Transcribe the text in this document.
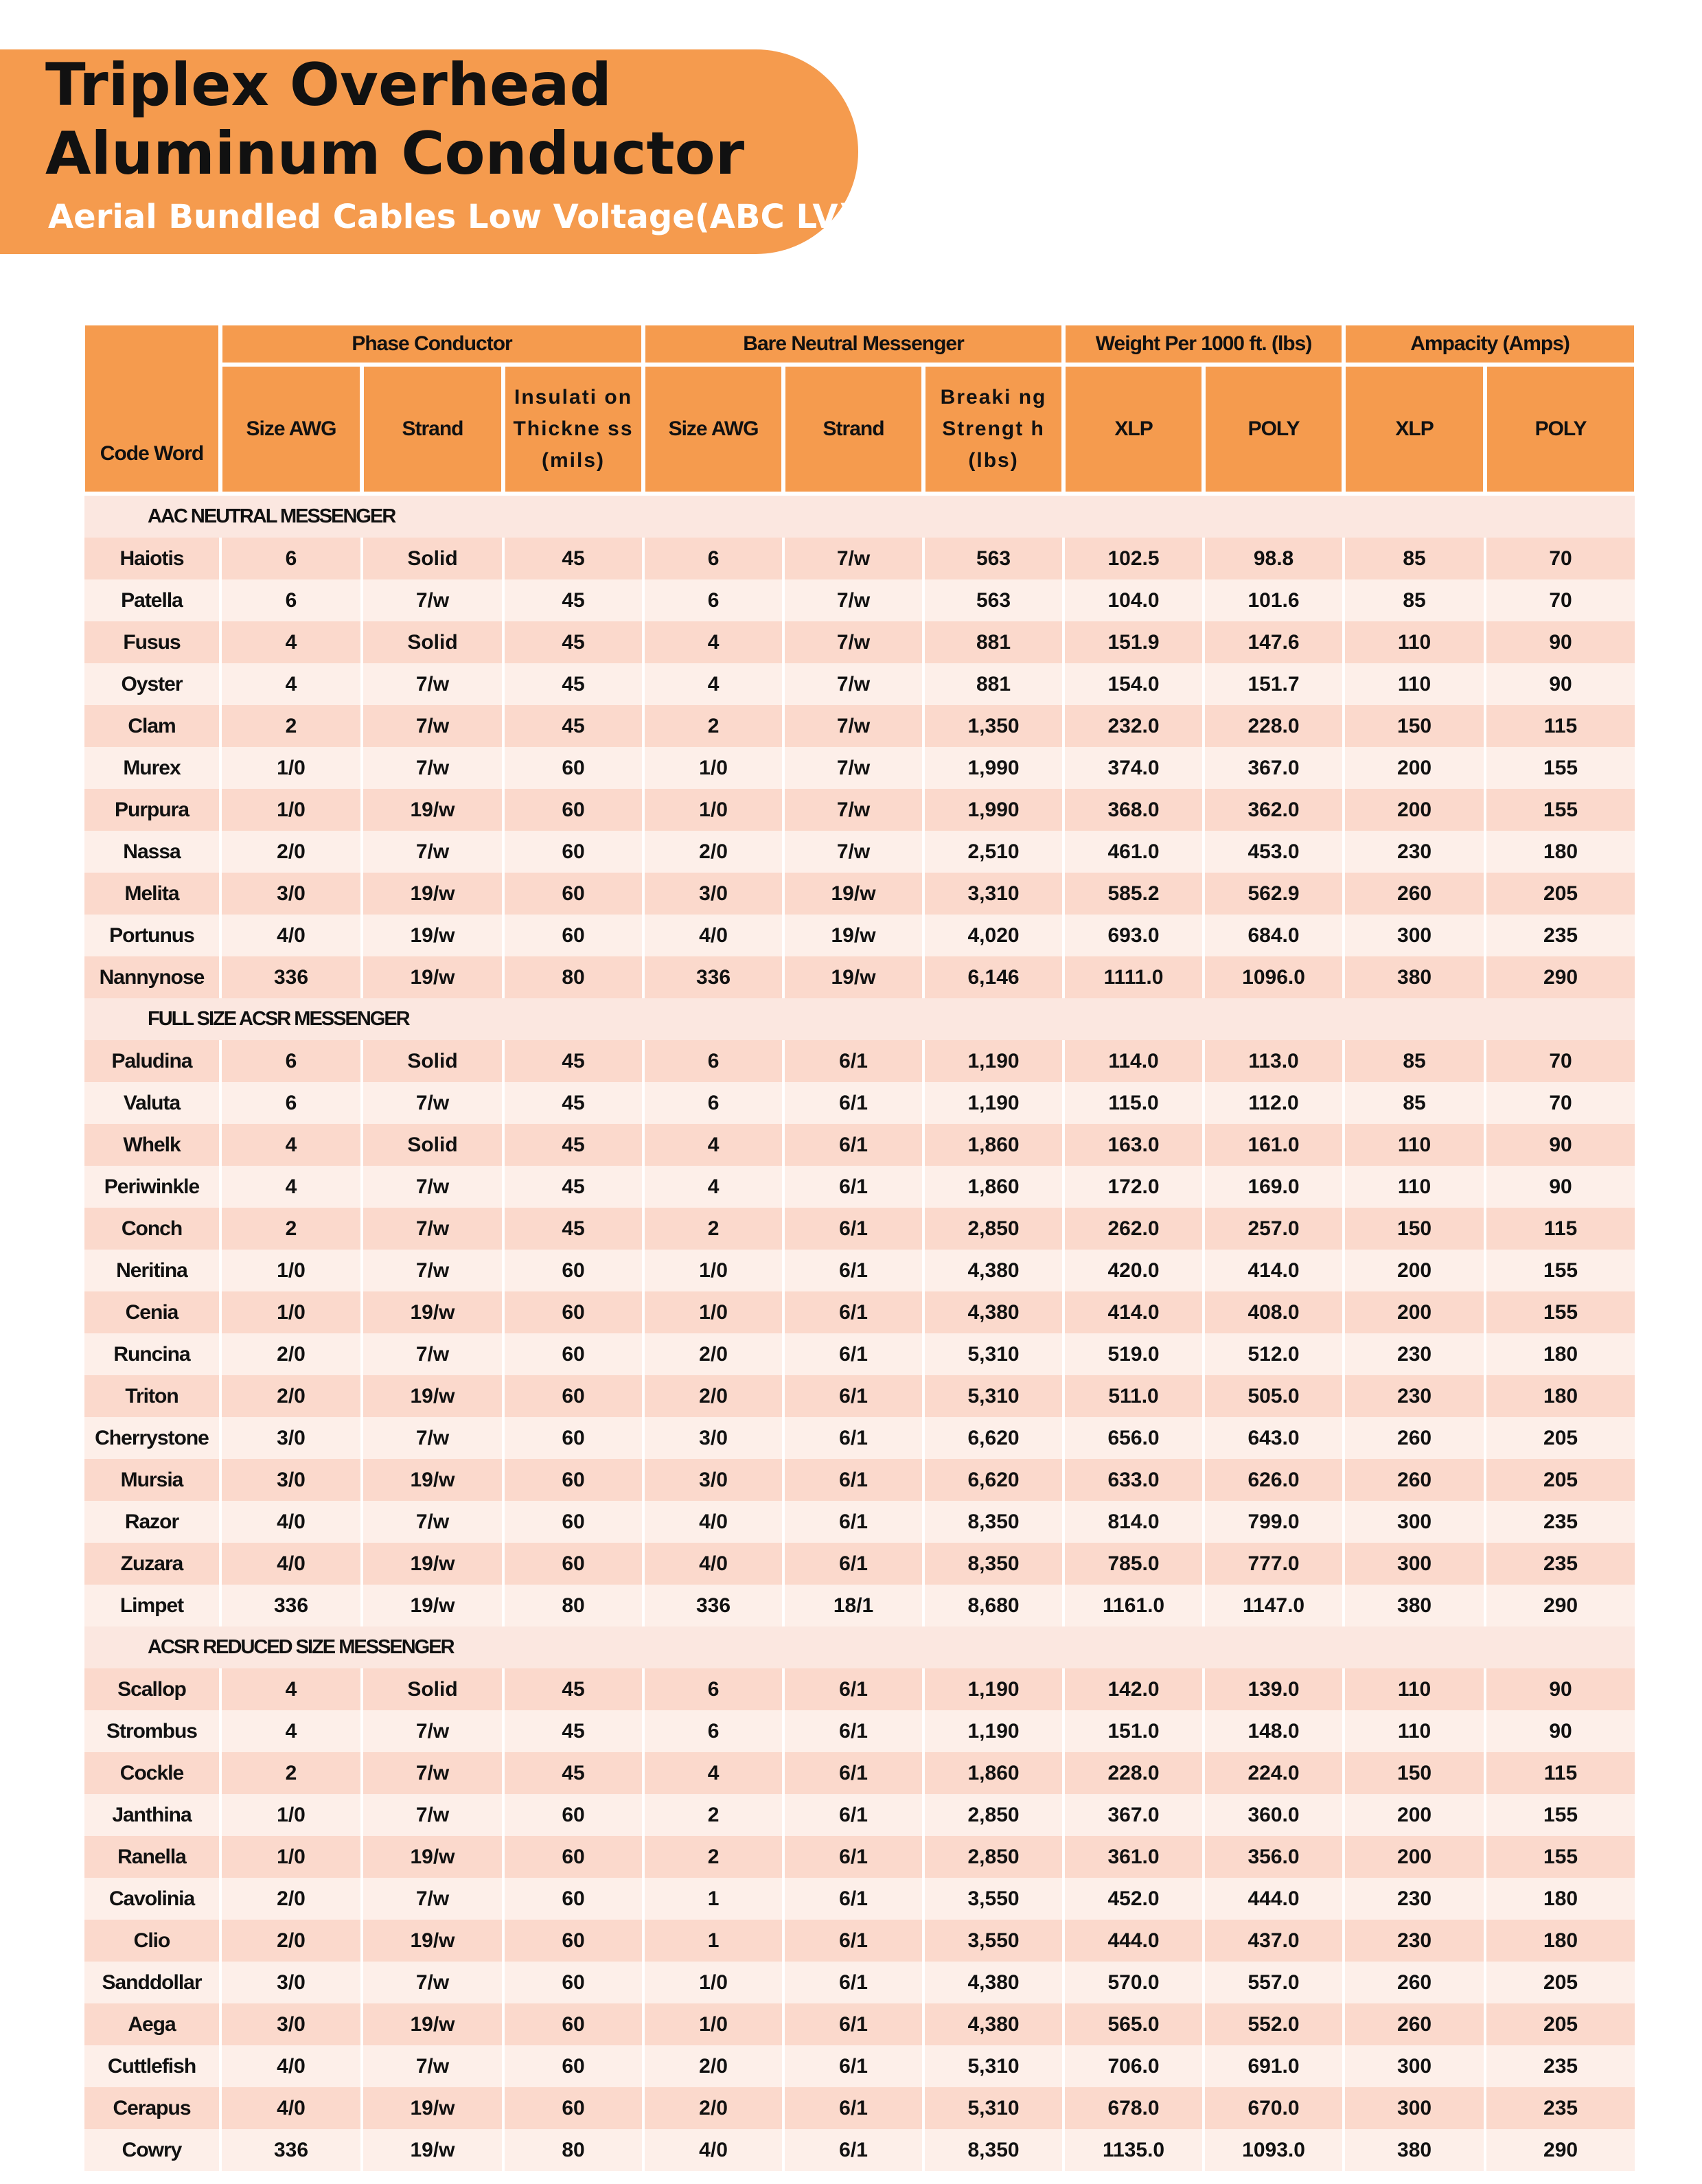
Triplex Overhead
Aluminum Conductor
Aerial Bundled Cables Low Voltage(ABC LV)
Code Word	Phase Conductor			Bare Neutral Messenger			Weight Per 1000 ft. (lbs)		Ampacity (Amps)	
	Size AWG	Strand	Insulati on Thickne ss (mils)	Size AWG	Strand	Breaki ng Strengt h (lbs)	XLP	POLY	XLP	POLY
AAC NEUTRAL MESSENGER										
Haiotis	6	Solid	45	6	7/w	563	102.5	98.8	85	70
Patella	6	7/w	45	6	7/w	563	104.0	101.6	85	70
Fusus	4	Solid	45	4	7/w	881	151.9	147.6	110	90
Oyster	4	7/w	45	4	7/w	881	154.0	151.7	110	90
Clam	2	7/w	45	2	7/w	1,350	232.0	228.0	150	115
Murex	1/0	7/w	60	1/0	7/w	1,990	374.0	367.0	200	155
Purpura	1/0	19/w	60	1/0	7/w	1,990	368.0	362.0	200	155
Nassa	2/0	7/w	60	2/0	7/w	2,510	461.0	453.0	230	180
Melita	3/0	19/w	60	3/0	19/w	3,310	585.2	562.9	260	205
Portunus	4/0	19/w	60	4/0	19/w	4,020	693.0	684.0	300	235
Nannynose	336	19/w	80	336	19/w	6,146	1111.0	1096.0	380	290
FULL SIZE ACSR MESSENGER										
Paludina	6	Solid	45	6	6/1	1,190	114.0	113.0	85	70
Valuta	6	7/w	45	6	6/1	1,190	115.0	112.0	85	70
Whelk	4	Solid	45	4	6/1	1,860	163.0	161.0	110	90
Periwinkle	4	7/w	45	4	6/1	1,860	172.0	169.0	110	90
Conch	2	7/w	45	2	6/1	2,850	262.0	257.0	150	115
Neritina	1/0	7/w	60	1/0	6/1	4,380	420.0	414.0	200	155
Cenia	1/0	19/w	60	1/0	6/1	4,380	414.0	408.0	200	155
Runcina	2/0	7/w	60	2/0	6/1	5,310	519.0	512.0	230	180
Triton	2/0	19/w	60	2/0	6/1	5,310	511.0	505.0	230	180
Cherrystone	3/0	7/w	60	3/0	6/1	6,620	656.0	643.0	260	205
Mursia	3/0	19/w	60	3/0	6/1	6,620	633.0	626.0	260	205
Razor	4/0	7/w	60	4/0	6/1	8,350	814.0	799.0	300	235
Zuzara	4/0	19/w	60	4/0	6/1	8,350	785.0	777.0	300	235
Limpet	336	19/w	80	336	18/1	8,680	1161.0	1147.0	380	290
ACSR REDUCED SIZE MESSENGER										
Scallop	4	Solid	45	6	6/1	1,190	142.0	139.0	110	90
Strombus	4	7/w	45	6	6/1	1,190	151.0	148.0	110	90
Cockle	2	7/w	45	4	6/1	1,860	228.0	224.0	150	115
Janthina	1/0	7/w	60	2	6/1	2,850	367.0	360.0	200	155
Ranella	1/0	19/w	60	2	6/1	2,850	361.0	356.0	200	155
Cavolinia	2/0	7/w	60	1	6/1	3,550	452.0	444.0	230	180
Clio	2/0	19/w	60	1	6/1	3,550	444.0	437.0	230	180
Sanddollar	3/0	7/w	60	1/0	6/1	4,380	570.0	557.0	260	205
Aega	3/0	19/w	60	1/0	6/1	4,380	565.0	552.0	260	205
Cuttlefish	4/0	7/w	60	2/0	6/1	5,310	706.0	691.0	300	235
Cerapus	4/0	19/w	60	2/0	6/1	5,310	678.0	670.0	300	235
Cowry	336	19/w	80	4/0	6/1	8,350	1135.0	1093.0	380	290
